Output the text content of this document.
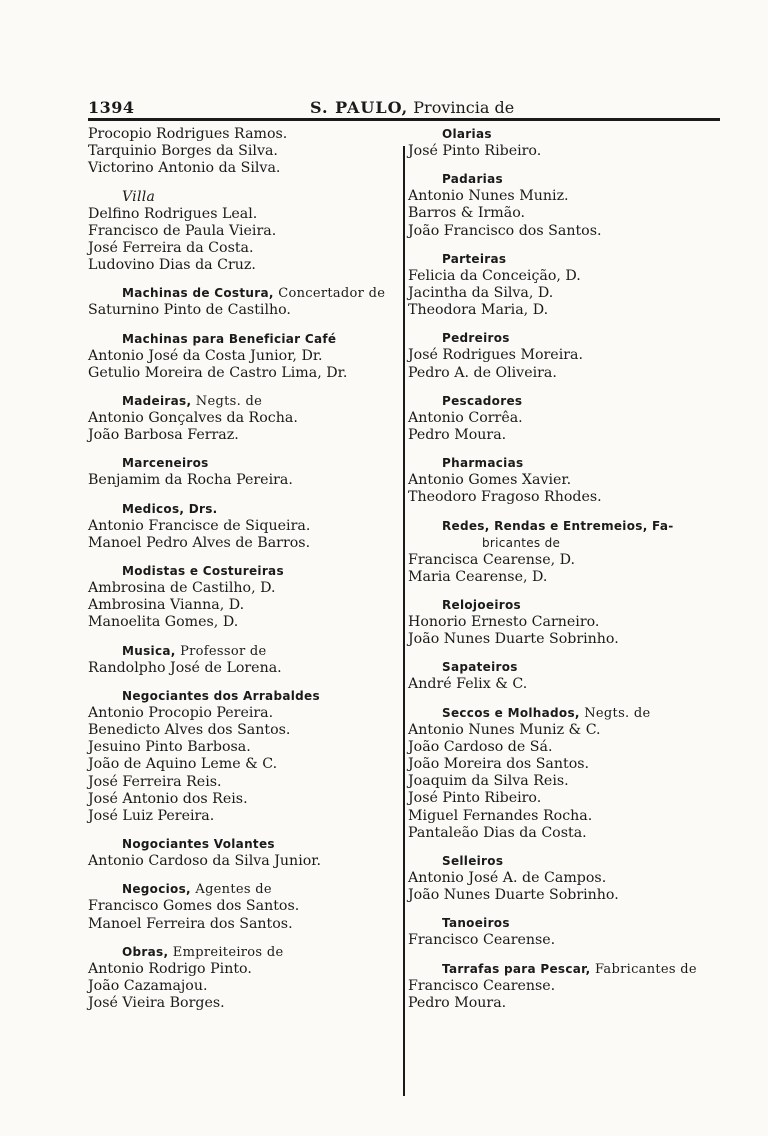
1394	S. PAULO, Provincia de
Procopio Rodrigues Ramos.
Tarquinio Borges da Silva.
Victorino Antonio da Silva.
Villa
Delfino Rodrigues Leal.
Francisco de Paula Vieira.
José Ferreira da Costa.
Ludovino Dias da Cruz.
Machinas de Costura, Concertador de
Saturnino Pinto de Castilho.
Machinas para Beneficiar Café
Antonio José da Costa Junior, Dr.
Getulio Moreira de Castro Lima, Dr.
Madeiras, Negts. de
Antonio Gonçalves da Rocha.
João Barbosa Ferraz.
Marceneiros
Benjamim da Rocha Pereira.
Medicos, Drs.
Antonio Francisce de Siqueira.
Manoel Pedro Alves de Barros.
Modistas e Costureiras
Ambrosina de Castilho, D.
Ambrosina Vianna, D.
Manoelita Gomes, D.
Musica, Professor de
Randolpho José de Lorena.
Negociantes dos Arrabaldes
Antonio Procopio Pereira.
Benedicto Alves dos Santos.
Jesuino Pinto Barbosa.
João de Aquino Leme & C.
José Ferreira Reis.
José Antonio dos Reis.
José Luiz Pereira.
Nogociantes Volantes
Antonio Cardoso da Silva Junior.
Negocios, Agentes de
Francisco Gomes dos Santos.
Manoel Ferreira dos Santos.
Obras, Empreiteiros de
Antonio Rodrigo Pinto.
João Cazamajou.
José Vieira Borges.
Olarias
José Pinto Ribeiro.
Padarias
Antonio Nunes Muniz.
Barros & Irmão.
João Francisco dos Santos.
Parteiras
Felicia da Conceição, D.
Jacintha da Silva, D.
Theodora Maria, D.
Pedreiros
José Rodrigues Moreira.
Pedro A. de Oliveira.
Pescadores
Antonio Corrêa.
Pedro Moura.
Pharmacias
Antonio Gomes Xavier.
Theodoro Fragoso Rhodes.
Redes, Rendas e Entremeios, Fa-
bricantes de
Francisca Cearense, D.
Maria Cearense, D.
Relojoeiros
Honorio Ernesto Carneiro.
João Nunes Duarte Sobrinho.
Sapateiros
André Felix & C.
Seccos e Molhados, Negts. de
Antonio Nunes Muniz & C.
João Cardoso de Sá.
João Moreira dos Santos.
Joaquim da Silva Reis.
José Pinto Ribeiro.
Miguel Fernandes Rocha.
Pantaleão Dias da Costa.
Selleiros
Antonio José A. de Campos.
João Nunes Duarte Sobrinho.
Tanoeiros
Francisco Cearense.
Tarrafas para Pescar, Fabricantes de
Francisco Cearense.
Pedro Moura.
